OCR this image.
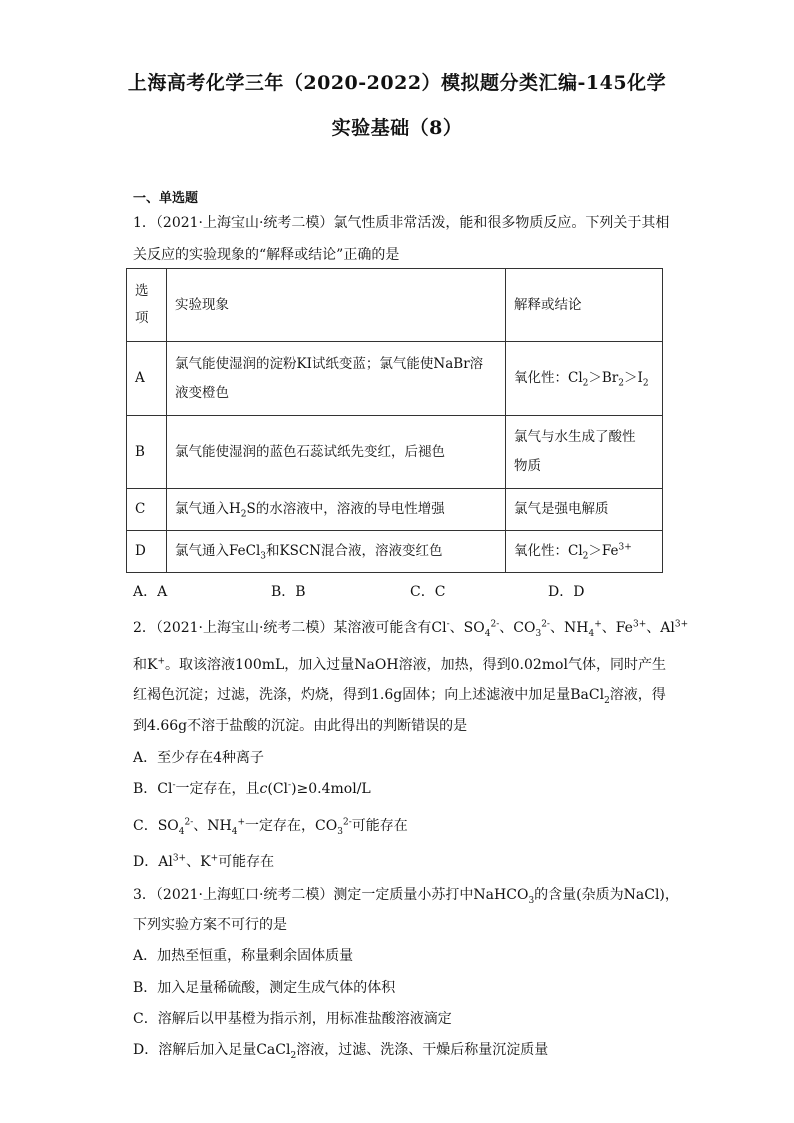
上海高考化学三年（2020-2022）模拟题分类汇编-145化学
实验基础（8）
一、单选题
1．（2021·上海宝山·统考二模）氯气性质非常活泼，能和很多物质反应。下列关于其相
关反应的实验现象的“解释或结论”正确的是
选
项	实验现象	解释或结论
A	氯气能使湿润的淀粉KI试纸变蓝；氯气能使NaBr溶
液变橙色	氧化性：$Cl_2>Br_2>I_2$
B	氯气能使湿润的蓝色石蕊试纸先变红，后褪色	氯气与水生成了酸性
物质
C	氯气通入$H_2S$的水溶液中，溶液的导电性增强	氯气是强电解质
D	氯气通入FeCl$_3$和KSCN混合液，溶液变红色	氧化性：$Cl_2>Fe^{3+}$
A．A	B．B	C．C	D．D
2．（2021·上海宝山·统考二模）某溶液可能含有Cl-、$SO_4^{2-}$、$CO_3^{2-}$、$NH_4^+$、$Fe^{3+}$、$Al^{3+}$
和K+。取该溶液100mL，加入过量NaOH溶液，加热，得到0.02mol气体，同时产生
红褐色沉淀；过滤，洗涤，灼烧，得到1.6g固体；向上述滤液中加足量BaCl$_2$溶液，得
到4.66g不溶于盐酸的沉淀。由此得出的判断错误的是
A．至少存在4种离子
B．Cl-一定存在，且c(Cl-)≥0.4mol/L
C．$SO_4^{2-}$、$NH_4^+$一定存在，$CO_3^{2-}$可能存在
D．$Al^{3+}$、K+可能存在
3．（2021·上海虹口·统考二模）测定一定质量小苏打中NaHCO$_3$的含量(杂质为NaCl)，
下列实验方案不可行的是
A．加热至恒重，称量剩余固体质量
B．加入足量稀硫酸，测定生成气体的体积
C．溶解后以甲基橙为指示剂，用标准盐酸溶液滴定
D．溶解后加入足量CaCl$_2$溶液，过滤、洗涤、干燥后称量沉淀质量
